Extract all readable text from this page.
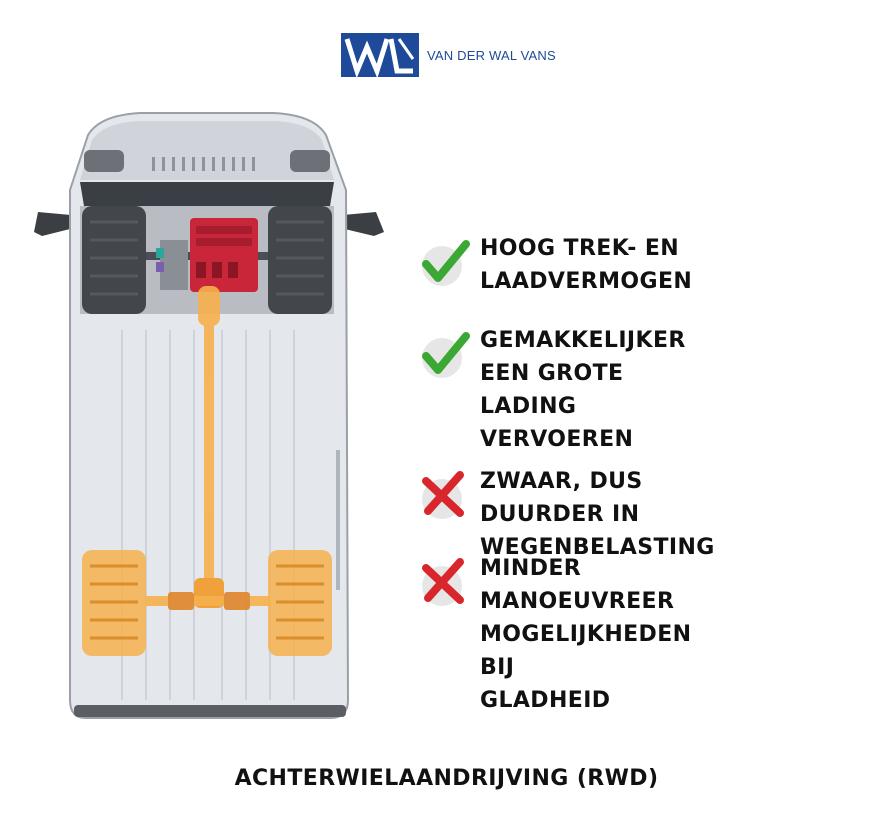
VAN DER WAL VANS
HOOG TREK- EN
LAADVERMOGEN
GEMAKKELIJKER EEN GROTE
LADING VERVOEREN
ZWAAR, DUS DUURDER IN
WEGENBELASTING
MINDER MANOEUVREER
MOGELIJKHEDEN BIJ
GLADHEID
ACHTERWIELAANDRIJVING (RWD)
